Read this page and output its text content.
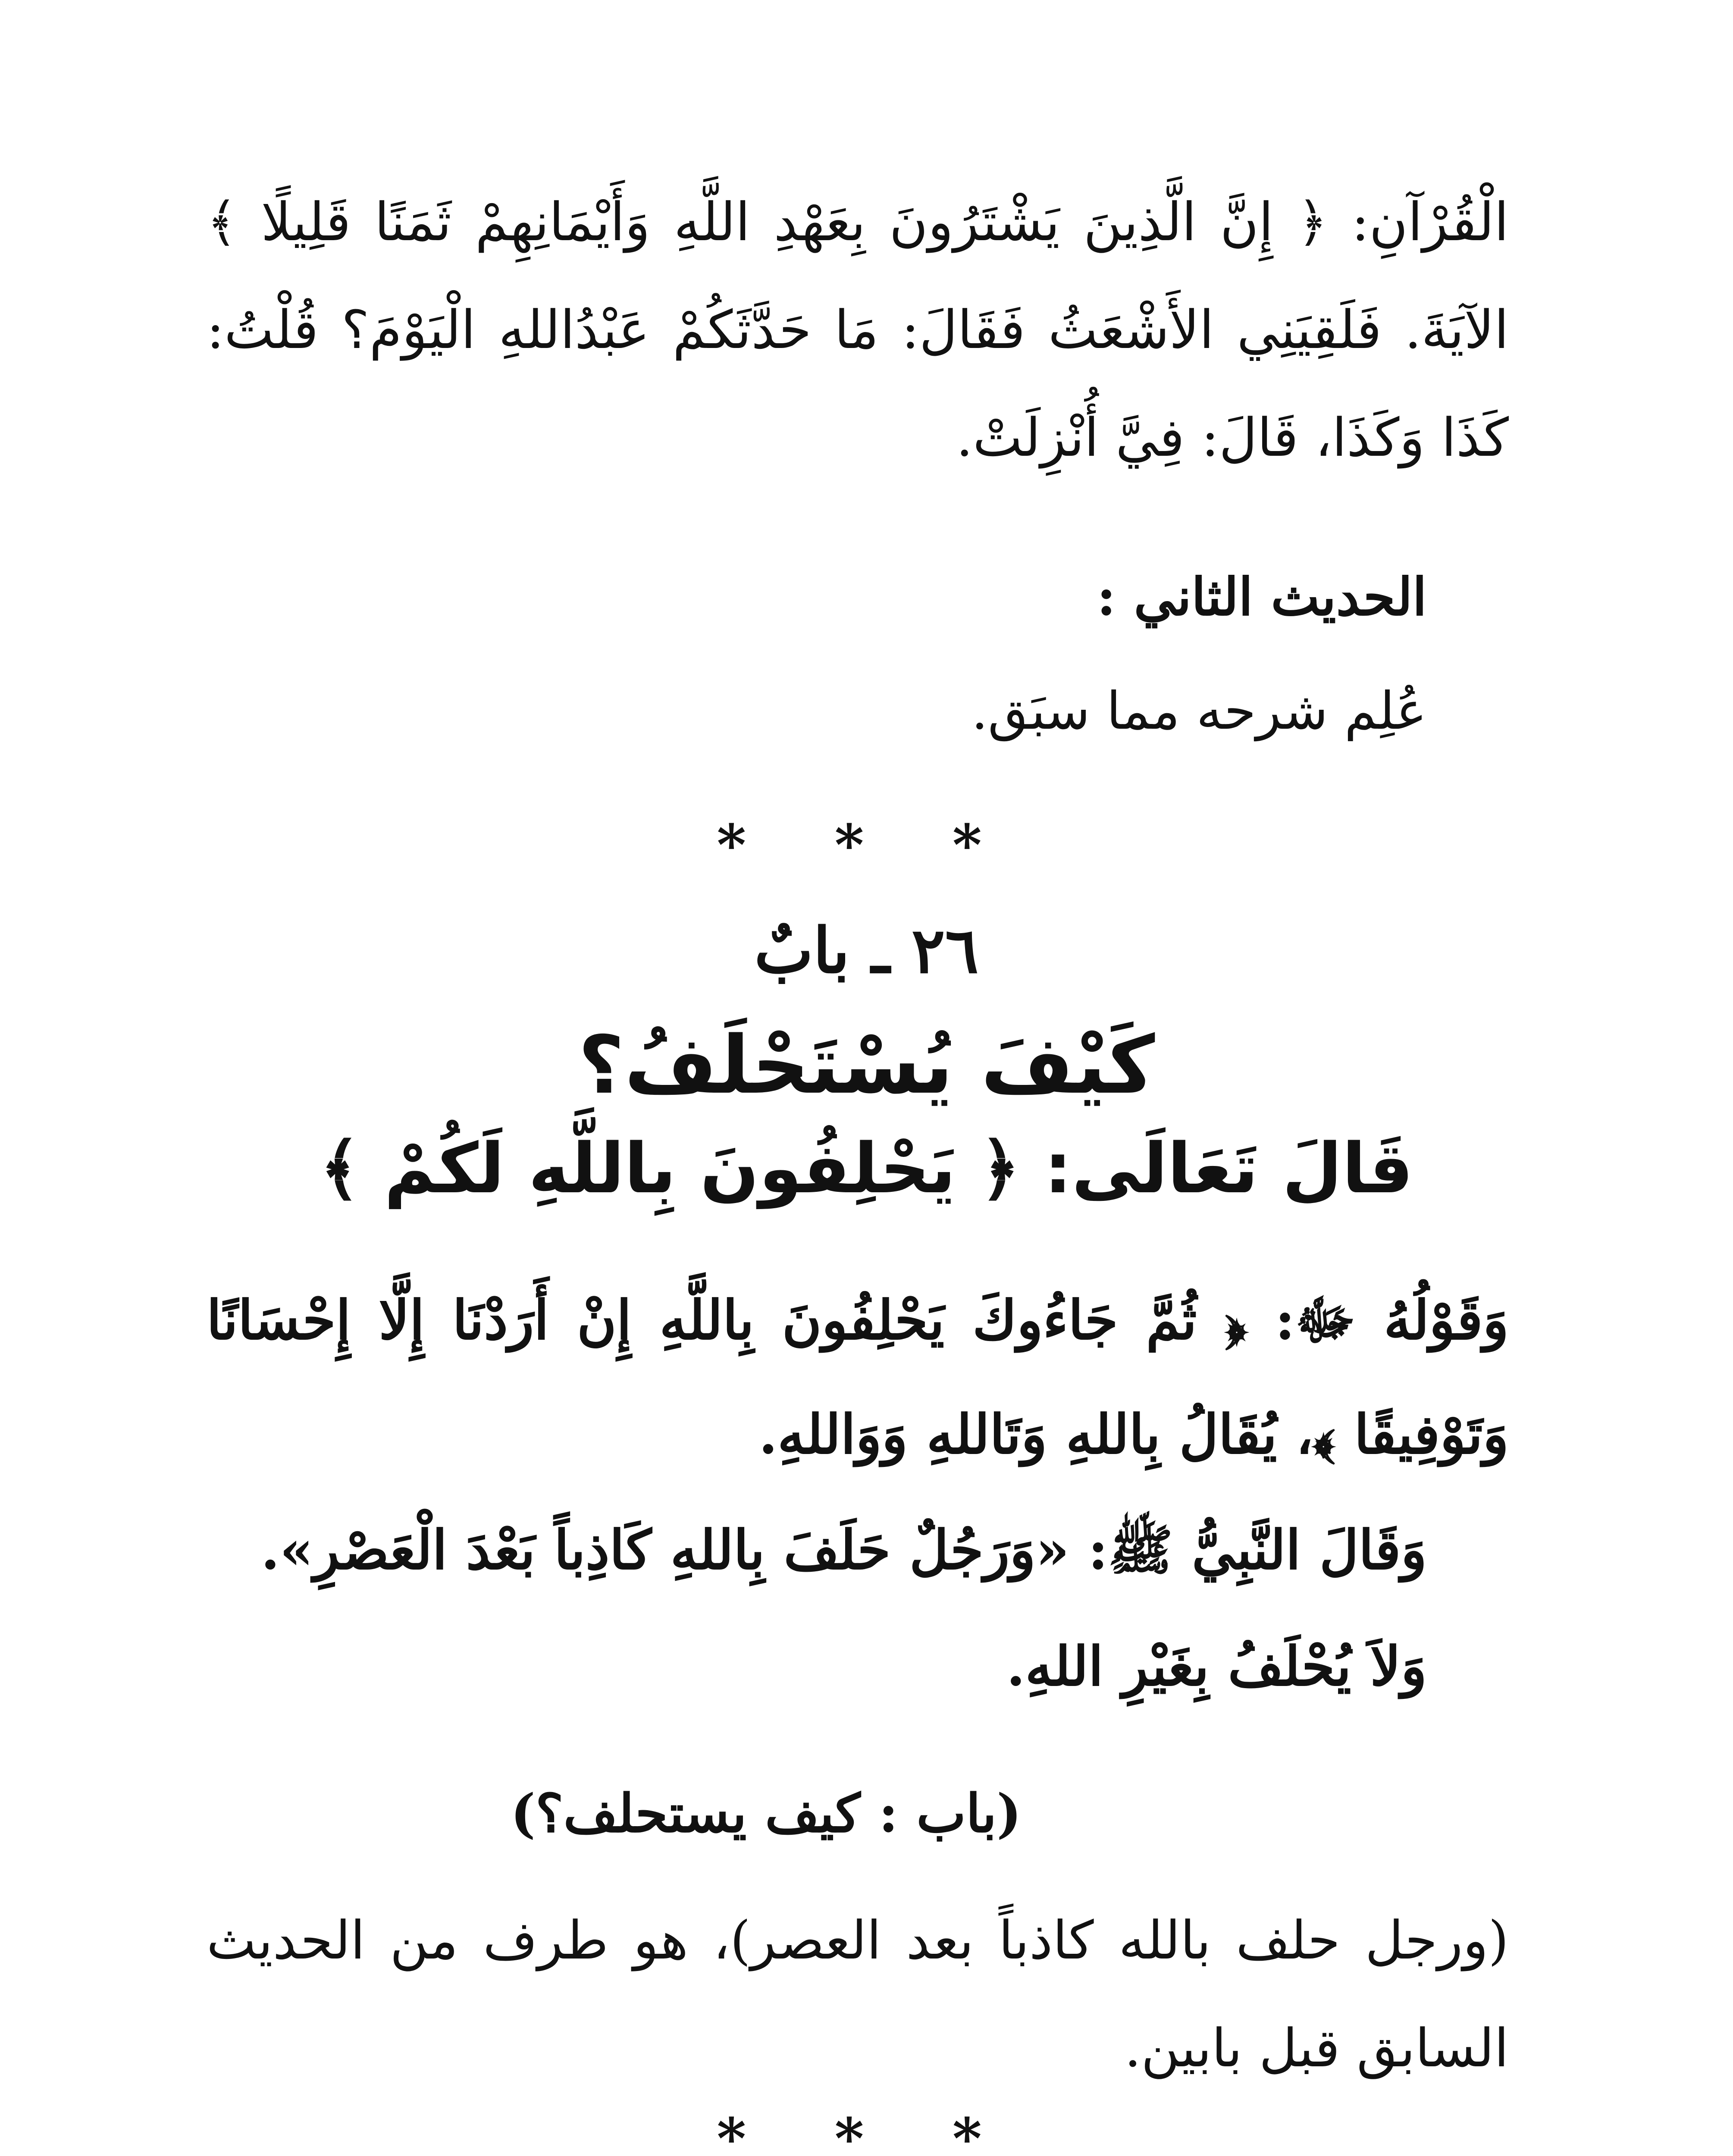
الْقُرْآنِ: ﴿ إِنَّ الَّذِينَ يَشْتَرُونَ بِعَهْدِ اللَّهِ وَأَيْمَانِهِمْ ثَمَنًا قَلِيلًا ﴾ الآيَةَ. فَلَقِيَنِي الأَشْعَثُ فَقَالَ: مَا حَدَّثَكُمْ عَبْدُاللهِ الْيَوْمَ؟ قُلْتُ: كَذَا وَكَذَا، قَالَ: فِيَّ أُنْزِلَتْ.
الحديث الثاني :
عُلِم شرحه مما سبَق.
* * *
٢٦ ـ بابٌ
كَيْفَ يُسْتَحْلَفُ؟
قَالَ تَعَالَى: ﴿ يَحْلِفُونَ بِاللَّهِ لَكُمْ ﴾
وَقَوْلُهُ ﷻ: ﴿ ثُمَّ جَاءُوكَ يَحْلِفُونَ بِاللَّهِ إِنْ أَرَدْنَا إِلَّا إِحْسَانًا وَتَوْفِيقًا ﴾، يُقَالُ بِاللهِ وَتَاللهِ وَوَاللهِ.
وَقَالَ النَّبِيُّ ﷺ: «وَرَجُلٌ حَلَفَ بِاللهِ كَاذِباً بَعْدَ الْعَصْرِ».
وَلاَ يُحْلَفُ بِغَيْرِ اللهِ.
(باب : كيف يستحلف؟)
(ورجل حلف بالله كاذباً بعد العصر)، هو طرف من الحديث السابق قبل بابين.
* * *
